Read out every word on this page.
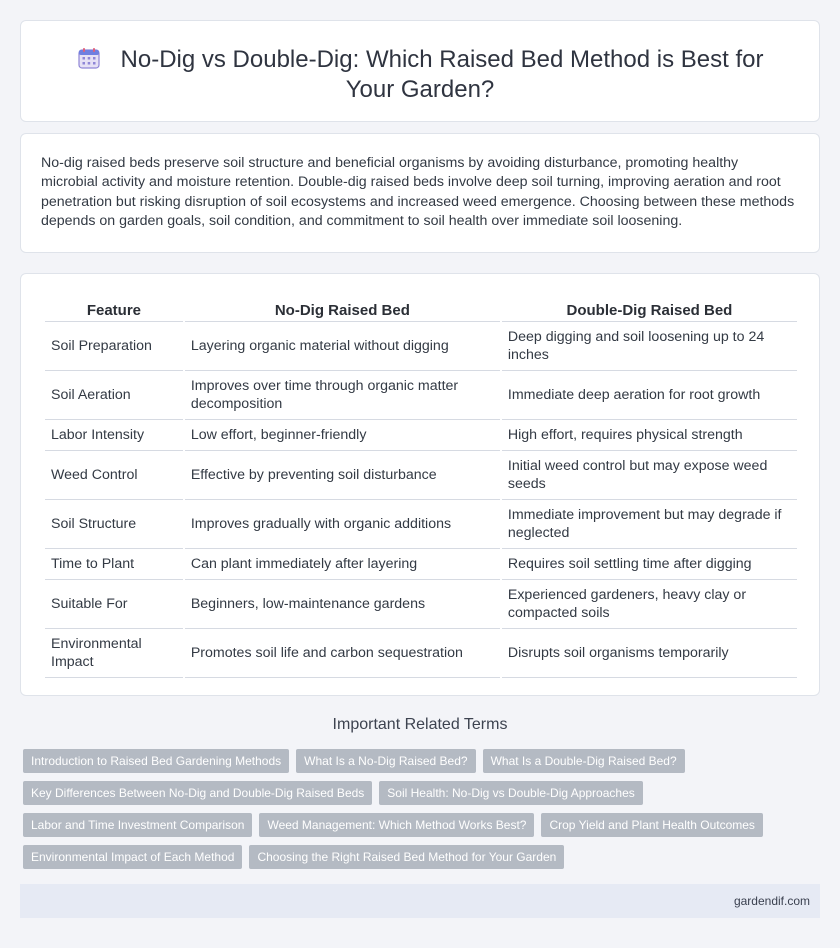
No-Dig vs Double-Dig: Which Raised Bed Method is Best for Your Garden?

No-dig raised beds preserve soil structure and beneficial organisms by avoiding disturbance, promoting healthy microbial activity and moisture retention. Double-dig raised beds involve deep soil turning, improving aeration and root penetration but risking disruption of soil ecosystems and increased weed emergence. Choosing between these methods depends on garden goals, soil condition, and commitment to soil health over immediate soil loosening.

Feature	No-Dig Raised Bed	Double-Dig Raised Bed
Soil Preparation	Layering organic material without digging	Deep digging and soil loosening up to 24 inches
Soil Aeration	Improves over time through organic matter decomposition	Immediate deep aeration for root growth
Labor Intensity	Low effort, beginner-friendly	High effort, requires physical strength
Weed Control	Effective by preventing soil disturbance	Initial weed control but may expose weed seeds
Soil Structure	Improves gradually with organic additions	Immediate improvement but may degrade if neglected
Time to Plant	Can plant immediately after layering	Requires soil settling time after digging
Suitable For	Beginners, low-maintenance gardens	Experienced gardeners, heavy clay or compacted soils
Environmental Impact	Promotes soil life and carbon sequestration	Disrupts soil organisms temporarily
Important Related Terms
Introduction to Raised Bed Gardening Methods	What Is a No-Dig Raised Bed?	What Is a Double-Dig Raised Bed?
Key Differences Between No-Dig and Double-Dig Raised Beds	Soil Health: No-Dig vs Double-Dig Approaches
Labor and Time Investment Comparison	Weed Management: Which Method Works Best?	Crop Yield and Plant Health Outcomes
Environmental Impact of Each Method	Choosing the Right Raised Bed Method for Your Garden
gardendif.com
